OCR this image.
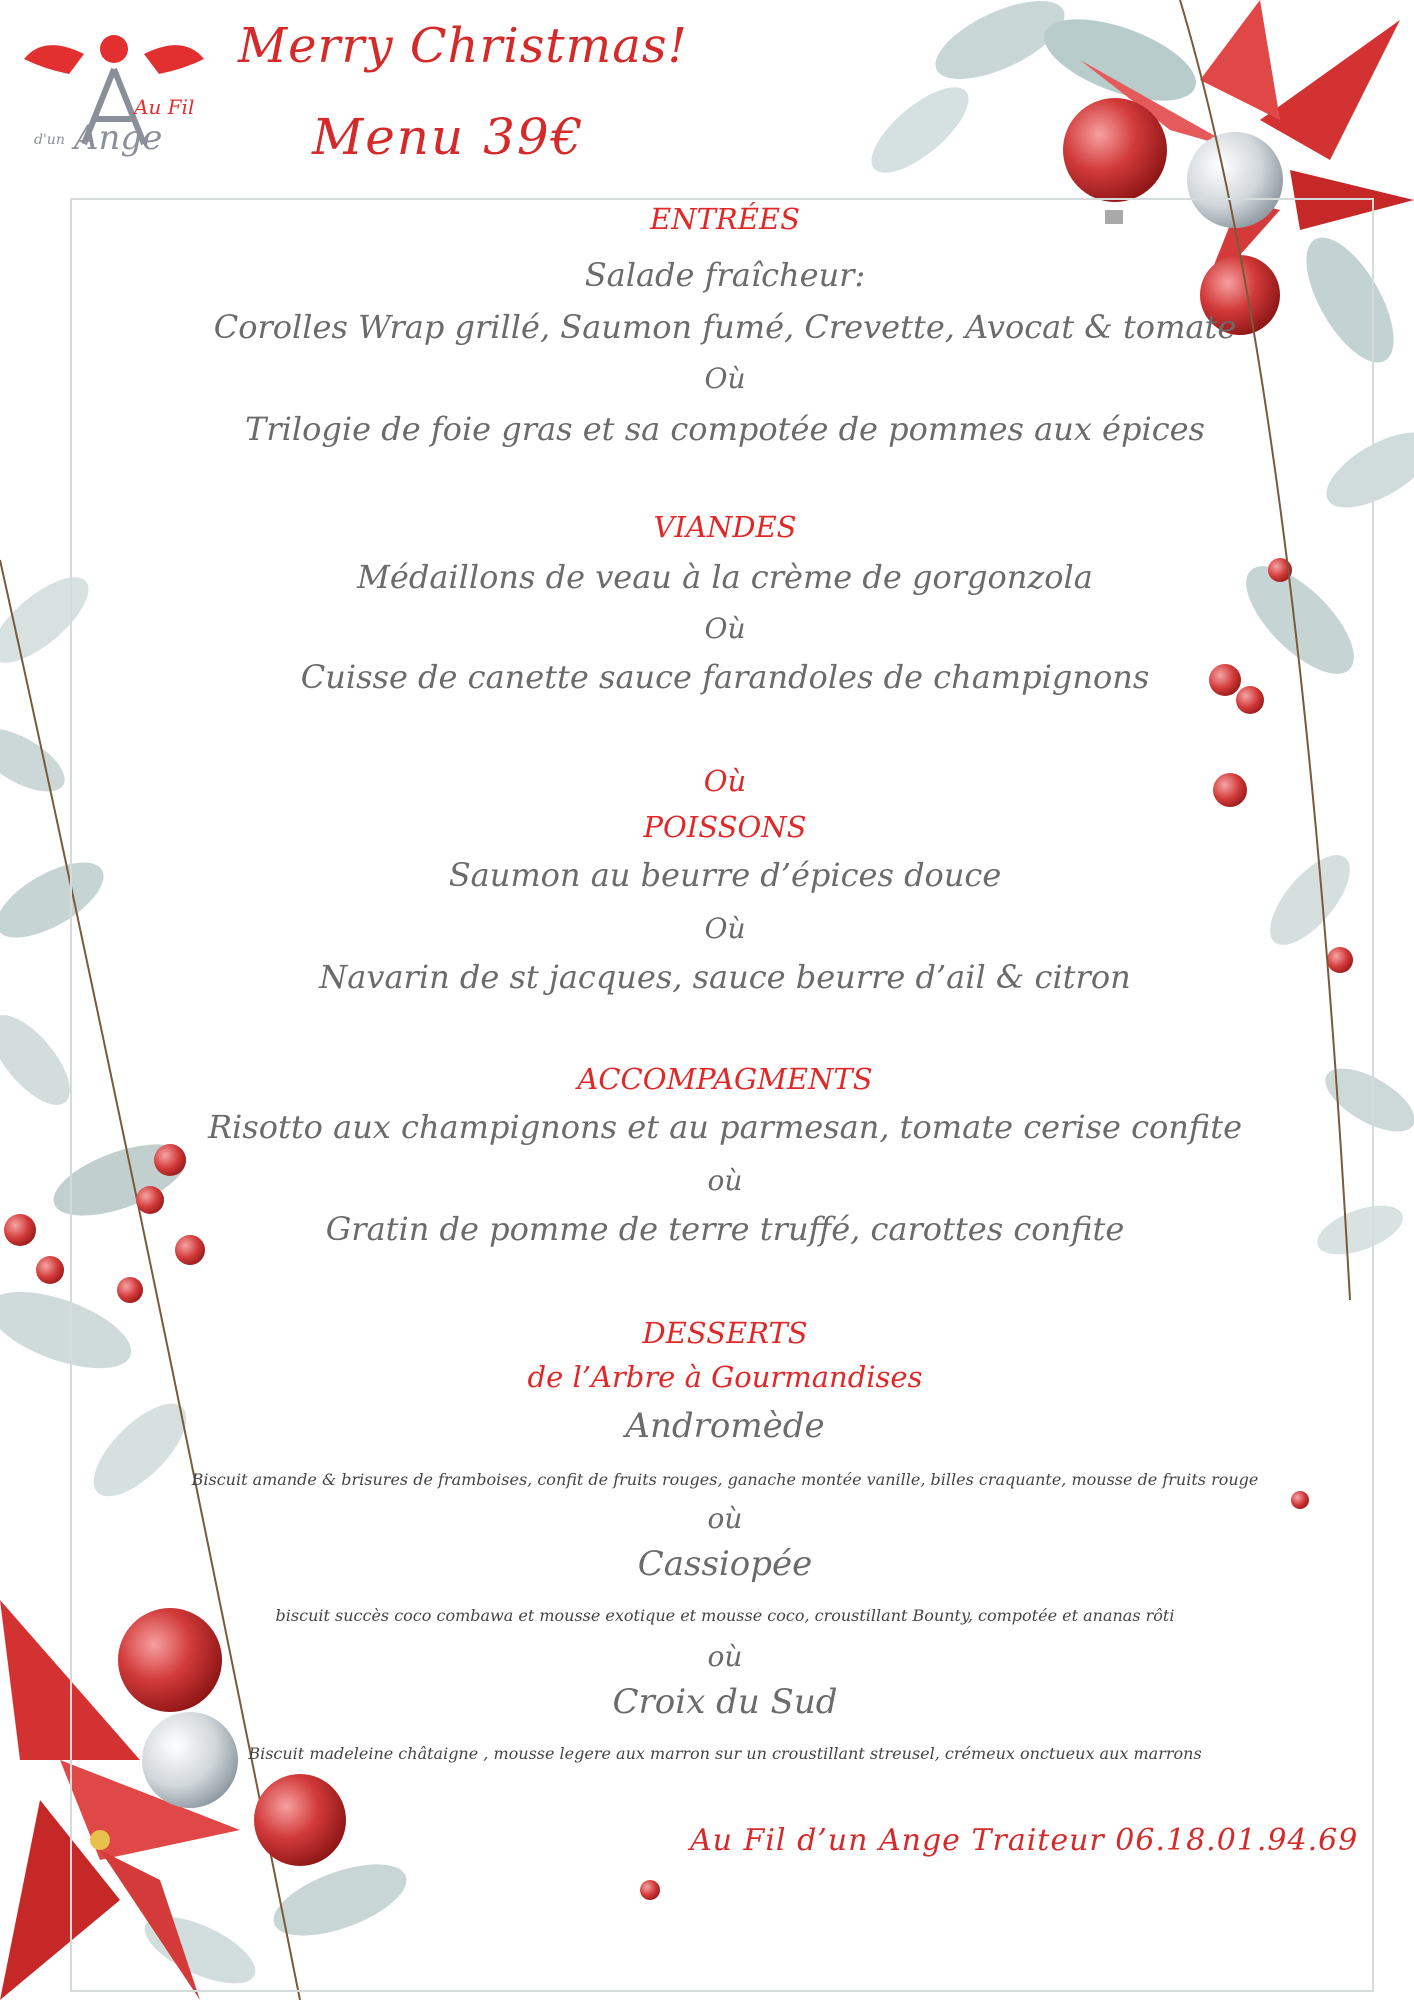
Au Fil
Ange
d'un
Merry Christmas!
Menu 39€
ENTRÉES
Salade fraîcheur:
Corolles Wrap grillé, Saumon fumé, Crevette, Avocat & tomate
Où
Trilogie de foie gras et sa compotée de pommes aux épices
VIANDES
Médaillons de veau à la crème de gorgonzola
Où
Cuisse de canette sauce farandoles de champignons
Où
POISSONS
Saumon au beurre d’épices douce
Où
Navarin de st jacques, sauce beurre d’ail & citron
ACCOMPAGMENTS
Risotto aux champignons et au parmesan, tomate cerise confite
où
Gratin de pomme de terre truffé, carottes confite
DESSERTS
de l’Arbre à Gourmandises
Andromède
Biscuit amande & brisures de framboises, confit de fruits rouges, ganache montée vanille, billes craquante, mousse de fruits rouge
où
Cassiopée
biscuit succès coco combawa et mousse exotique et mousse coco, croustillant Bounty, compotée et ananas rôti
où
Croix du Sud
Biscuit madeleine châtaigne , mousse legere aux marron sur un croustillant streusel, crémeux onctueux aux marrons
Au Fil d’un Ange Traiteur 06.18.01.94.69
